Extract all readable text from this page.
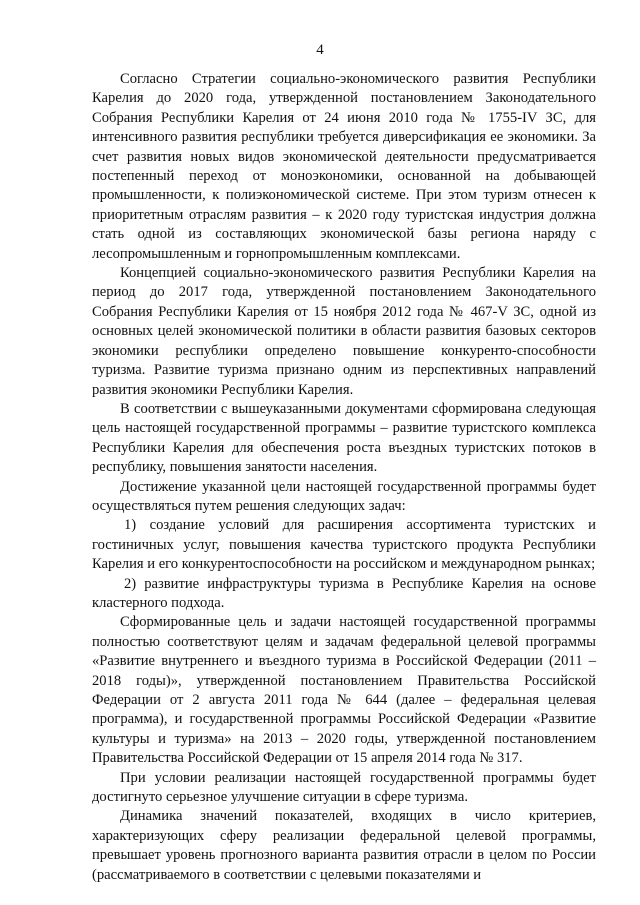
4

Согласно Стратегии социально-экономического развития Республики Карелия до 2020 года, утвержденной постановлением Законодательного Собрания Республики Карелия от 24 июня 2010 года № 1755-IV ЗС, для интенсивного развития республики требуется диверсификация ее экономики. За счет развития новых видов экономической деятельности предусматривается постепенный переход от моноэкономики, основанной на добывающей промышленности, к полиэкономической системе. При этом туризм отнесен к приоритетным отраслям развития – к 2020 году туристская индустрия должна стать одной из составляющих экономической базы региона наряду с лесопромышленным и горнопромышленным комплексами.

Концепцией социально-экономического развития Республики Карелия на период до 2017 года, утвержденной постановлением Законодательного Собрания Республики Карелия от 15 ноября 2012 года № 467-V ЗС, одной из основных целей экономической политики в области развития базовых секторов экономики республики определено повышение конкуренто-способности туризма. Развитие туризма признано одним из перспективных направлений развития экономики Республики Карелия.

В соответствии с вышеуказанными документами сформирована следующая цель настоящей государственной программы – развитие туристского комплекса Республики Карелия для обеспечения роста въездных туристских потоков в республику, повышения занятости населения.

Достижение указанной цели настоящей государственной программы будет осуществляться путем решения следующих задач:

1) создание условий для расширения ассортимента туристских и гостиничных услуг, повышения качества туристского продукта Республики Карелия и его конкурентоспособности на российском и международном рынках;

2) развитие инфраструктуры туризма в Республике Карелия на основе кластерного подхода.

Сформированные цель и задачи настоящей государственной программы полностью соответствуют целям и задачам федеральной целевой программы «Развитие внутреннего и въездного туризма в Российской Федерации (2011 – 2018 годы)», утвержденной постановлением Правительства Российской Федерации от 2 августа 2011 года № 644 (далее – федеральная целевая программа), и государственной программы Российской Федерации «Развитие культуры и туризма» на 2013 – 2020 годы, утвержденной постановлением Правительства Российской Федерации от 15 апреля 2014 года № 317.

При условии реализации настоящей государственной программы будет достигнуто серьезное улучшение ситуации в сфере туризма.

Динамика значений показателей, входящих в число критериев, характеризующих сферу реализации федеральной целевой программы, превышает уровень прогнозного варианта развития отрасли в целом по России (рассматриваемого в соответствии с целевыми показателями и
